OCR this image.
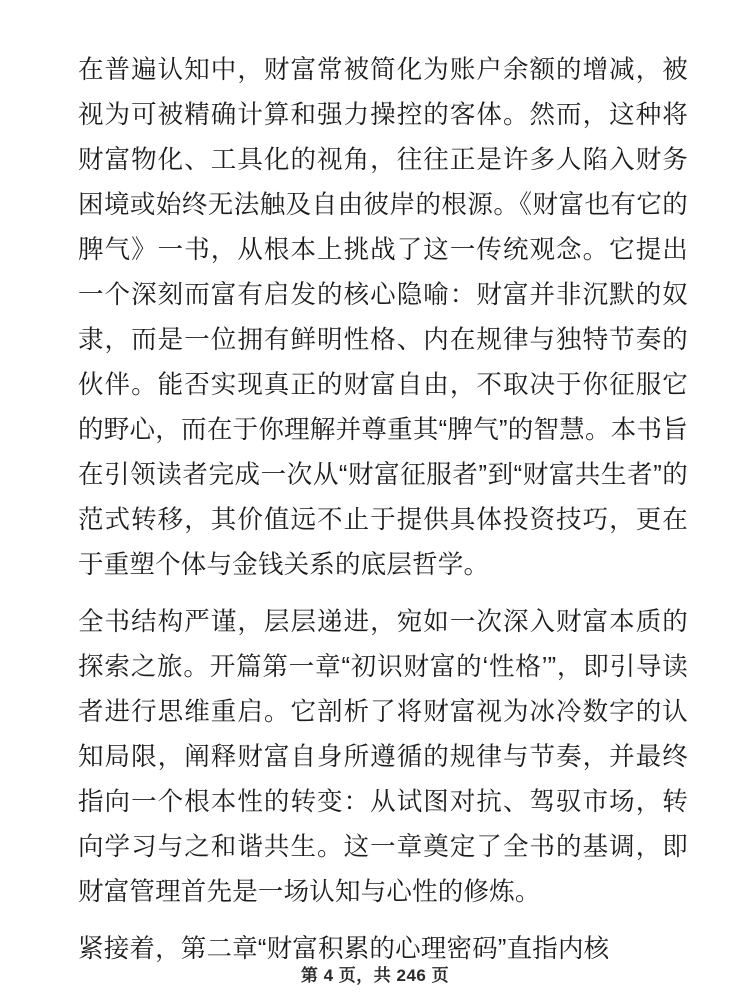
在普遍认知中，财富常被简化为账户余额的增减，被视为可被精确计算和强力操控的客体。然而，这种将财富物化、工具化的视角，往往正是许多人陷入财务困境或始终无法触及自由彼岸的根源。《财富也有它的脾气》一书，从根本上挑战了这一传统观念。它提出一个深刻而富有启发的核心隐喻：财富并非沉默的奴隶，而是一位拥有鲜明性格、内在规律与独特节奏的伙伴。能否实现真正的财富自由，不取决于你征服它的野心，而在于你理解并尊重其“脾气”的智慧。本书旨在引领读者完成一次从“财富征服者”到“财富共生者”的范式转移，其价值远不止于提供具体投资技巧，更在于重塑个体与金钱关系的底层哲学。

全书结构严谨，层层递进，宛如一次深入财富本质的探索之旅。开篇第一章“初识财富的‘性格’”，即引导读者进行思维重启。它剖析了将财富视为冰冷数字的认知局限，阐释财富自身所遵循的规律与节奏，并最终指向一个根本性的转变：从试图对抗、驾驭市场，转向学习与之和谐共生。这一章奠定了全书的基调，即财富管理首先是一场认知与心性的修炼。

紧接着，第二章“财富积累的心理密码”直指内核

第 4 页，共 246 页
